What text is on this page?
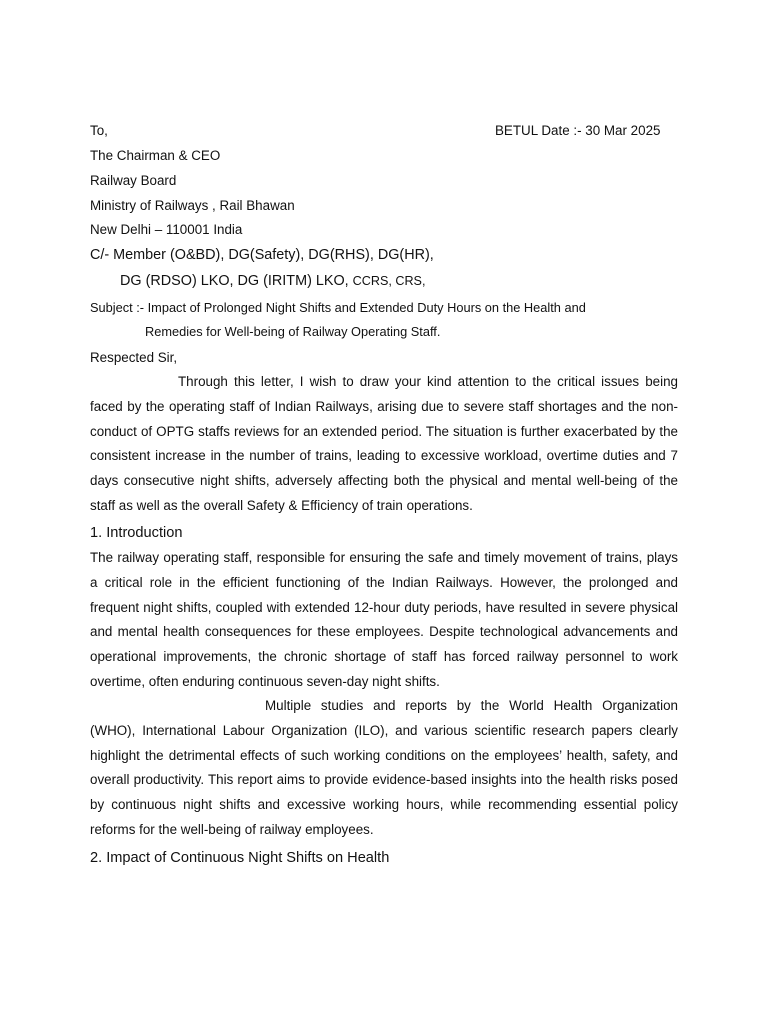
To,	BETUL Date :- 30 Mar 2025
The Chairman & CEO
Railway Board
Ministry of Railways , Rail Bhawan
New Delhi – 110001 India
C/- Member (O&BD), DG(Safety), DG(RHS), DG(HR),
DG (RDSO) LKO, DG (IRITM) LKO, CCRS, CRS,
Subject :- Impact of Prolonged Night Shifts and Extended Duty Hours on the Health and
Remedies for Well-being of Railway Operating Staff.
Respected Sir,

Through this letter, I wish to draw your kind attention to the critical issues being faced by the operating staff of Indian Railways, arising due to severe staff shortages and the non-conduct of OPTG staffs reviews for an extended period. The situation is further exacerbated by the consistent increase in the number of trains, leading to excessive workload, overtime duties and 7 days consecutive night shifts, adversely affecting both the physical and mental well-being of the staff as well as the overall Safety & Efficiency of train operations.

1. Introduction

The railway operating staff, responsible for ensuring the safe and timely movement of trains, plays a critical role in the efficient functioning of the Indian Railways. However, the prolonged and frequent night shifts, coupled with extended 12-hour duty periods, have resulted in severe physical and mental health consequences for these employees. Despite technological advancements and operational improvements, the chronic shortage of staff has forced railway personnel to work overtime, often enduring continuous seven-day night shifts.

Multiple studies and reports by the World Health Organization (WHO), International Labour Organization (ILO), and various scientific research papers clearly highlight the detrimental effects of such working conditions on the employees’ health, safety, and overall productivity. This report aims to provide evidence-based insights into the health risks posed by continuous night shifts and excessive working hours, while recommending essential policy reforms for the well-being of railway employees.

2. Impact of Continuous Night Shifts on Health
